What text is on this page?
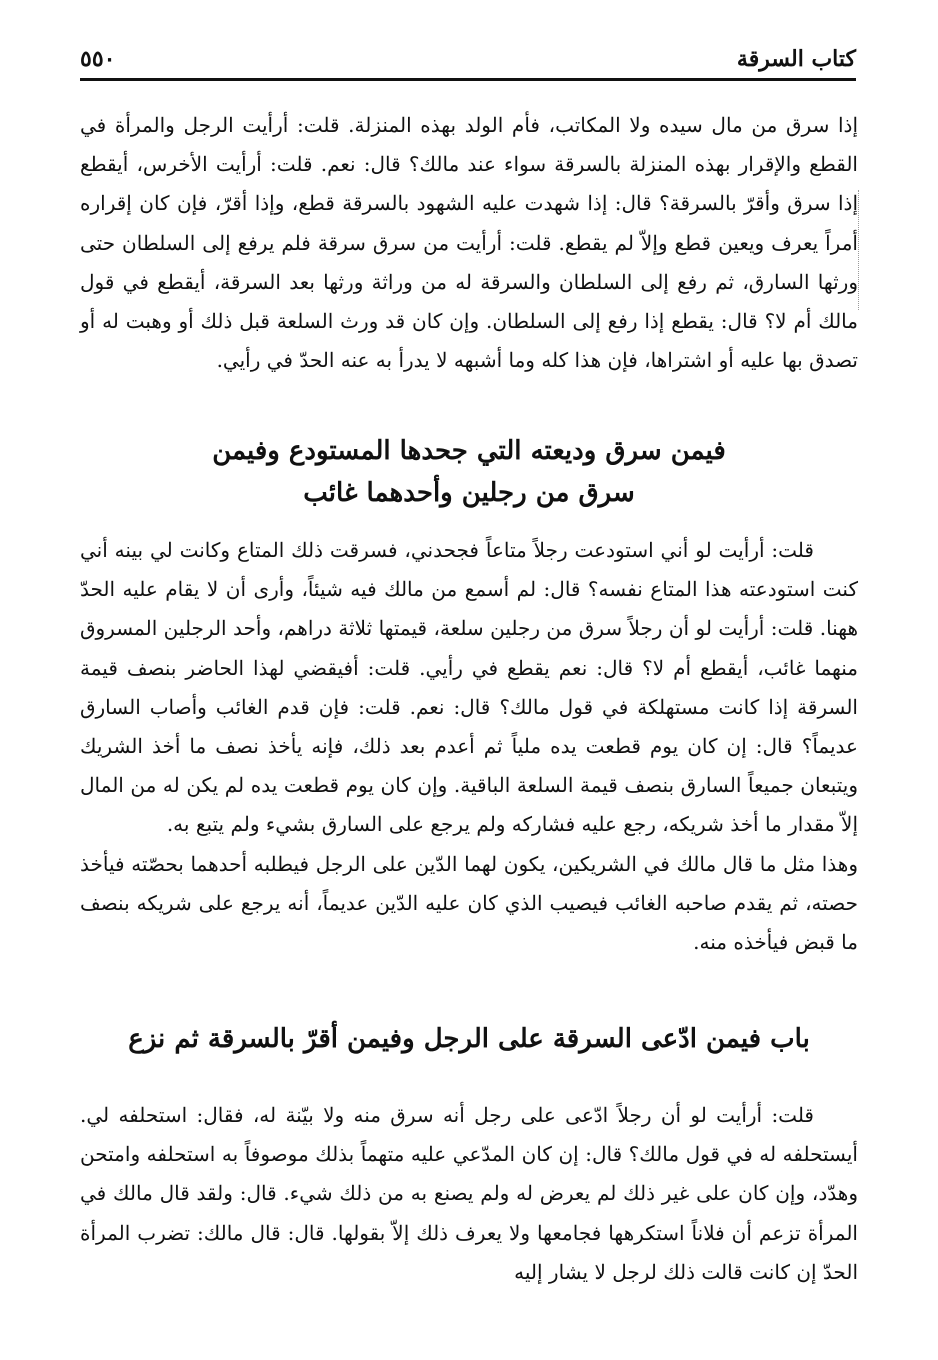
كتاب السرقة
٥٥٠

إذا سرق من مال سيده ولا المكاتب، فأم الولد بهذه المنزلة. قلت: أرأيت الرجل والمرأة في القطع والإقرار بهذه المنزلة بالسرقة سواء عند مالك؟ قال: نعم. قلت: أرأيت الأخرس، أيقطع إذا سرق وأقرّ بالسرقة؟ قال: إذا شهدت عليه الشهود بالسرقة قطع، وإذا أقرّ، فإن كان إقراره أمراً يعرف ويعين قطع وإلاّ لم يقطع. قلت: أرأيت من سرق سرقة فلم يرفع إلى السلطان حتى ورثها السارق، ثم رفع إلى السلطان والسرقة له من وراثة ورثها بعد السرقة، أيقطع في قول مالك أم لا؟ قال: يقطع إذا رفع إلى السلطان. وإن كان قد ورث السلعة قبل ذلك أو وهبت له أو تصدق بها عليه أو اشتراها، فإن هذا كله وما أشبهه لا يدرأ به عنه الحدّ في رأيي.

فيمن سرق وديعته التي جحدها المستودع وفيمن
سرق من رجلين وأحدهما غائب

قلت: أرأيت لو أني استودعت رجلاً متاعاً فجحدني، فسرقت ذلك المتاع وكانت لي بينه أني كنت استودعته هذا المتاع نفسه؟ قال: لم أسمع من مالك فيه شيئاً، وأرى أن لا يقام عليه الحدّ ههنا. قلت: أرأيت لو أن رجلاً سرق من رجلين سلعة، قيمتها ثلاثة دراهم، وأحد الرجلين المسروق منهما غائب، أيقطع أم لا؟ قال: نعم يقطع في رأيي. قلت: أفيقضي لهذا الحاضر بنصف قيمة السرقة إذا كانت مستهلكة في قول مالك؟ قال: نعم. قلت: فإن قدم الغائب وأصاب السارق عديماً؟ قال: إن كان يوم قطعت يده ملياً ثم أعدم بعد ذلك، فإنه يأخذ نصف ما أخذ الشريك ويتبعان جميعاً السارق بنصف قيمة السلعة الباقية. وإن كان يوم قطعت يده لم يكن له من المال إلاّ مقدار ما أخذ شريكه، رجع عليه فشاركه ولم يرجع على السارق بشيء ولم يتبع به.

وهذا مثل ما قال مالك في الشريكين، يكون لهما الدّين على الرجل فيطلبه أحدهما بحصّته فيأخذ حصته، ثم يقدم صاحبه الغائب فيصيب الذي كان عليه الدّين عديماً، أنه يرجع على شريكه بنصف ما قبض فيأخذه منه.

باب فيمن ادّعى السرقة على الرجل وفيمن أقرّ بالسرقة ثم نزع

قلت: أرأيت لو أن رجلاً ادّعى على رجل أنه سرق منه ولا بيّنة له، فقال: استحلفه لي. أيستحلفه له في قول مالك؟ قال: إن كان المدّعي عليه متهماً بذلك موصوفاً به استحلفه وامتحن وهدّد، وإن كان على غير ذلك لم يعرض له ولم يصنع به من ذلك شيء. قال: ولقد قال مالك في المرأة تزعم أن فلاناً استكرهها فجامعها ولا يعرف ذلك إلاّ بقولها. قال: قال مالك: تضرب المرأة الحدّ إن كانت قالت ذلك لرجل لا يشار إليه
